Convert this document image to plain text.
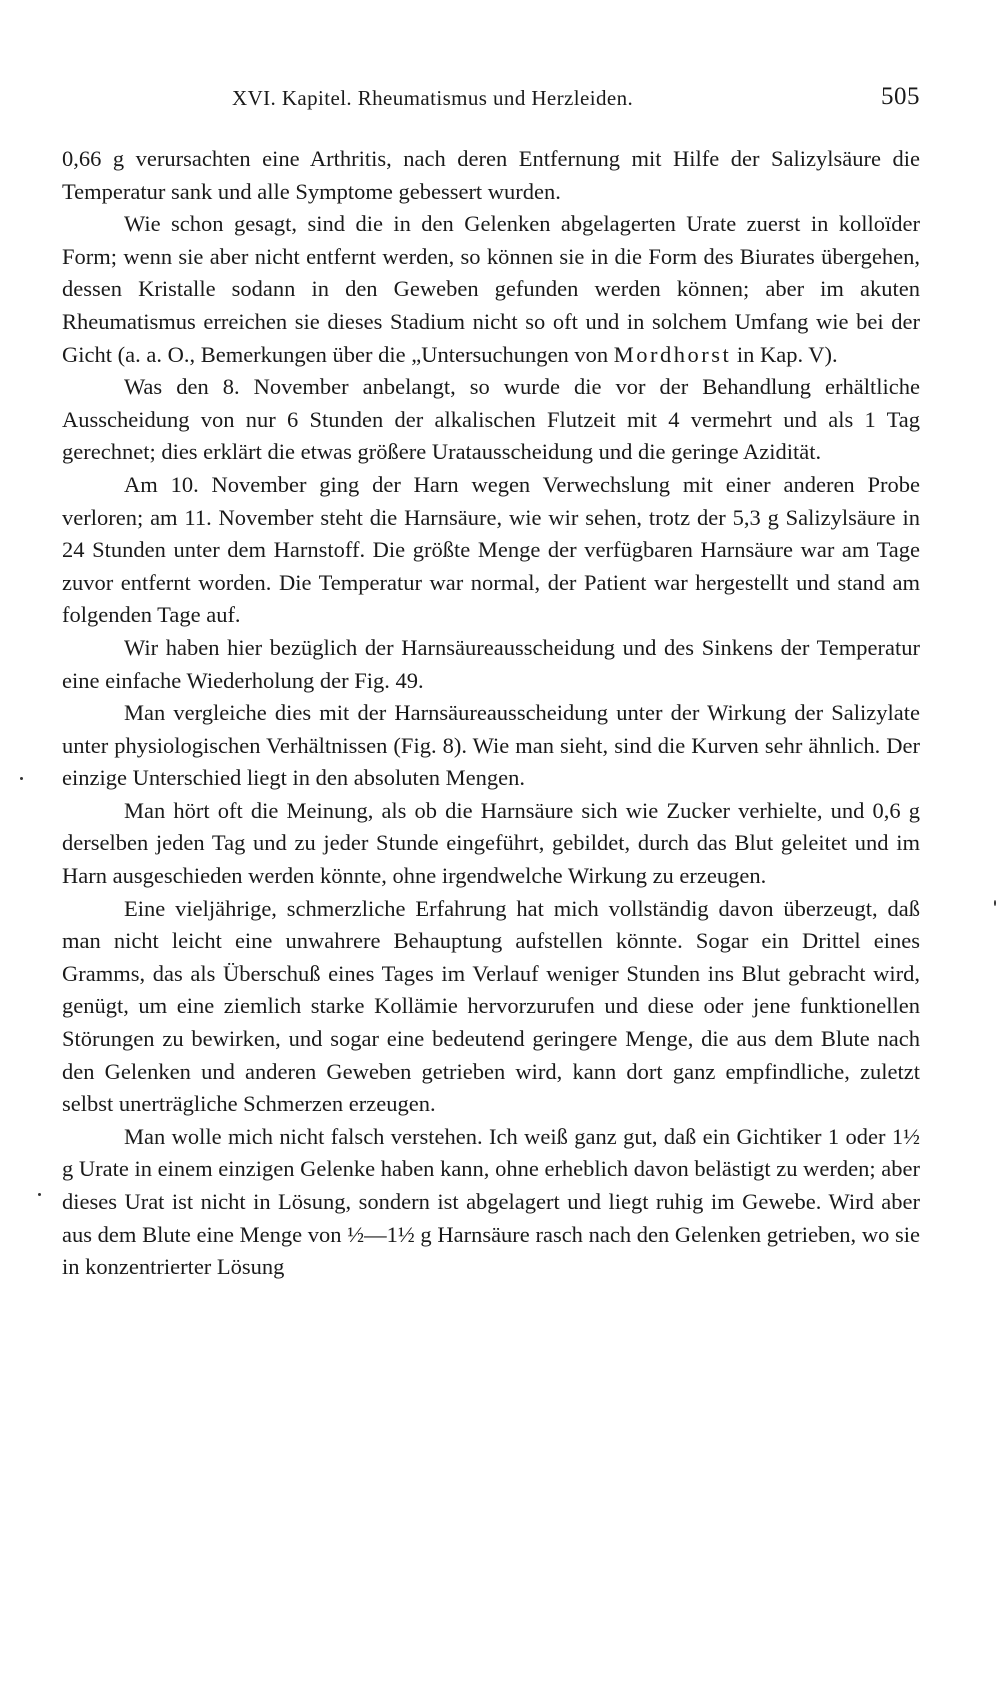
XVI. Kapitel. Rheumatismus und Herzleiden.	505

0,66 g verursachten eine Arthritis, nach deren Entfernung mit Hilfe der Salizylsäure die Temperatur sank und alle Symptome gebessert wurden.

Wie schon gesagt, sind die in den Gelenken abgelagerten Urate zuerst in kolloïder Form; wenn sie aber nicht entfernt werden, so können sie in die Form des Biurates übergehen, dessen Kristalle sodann in den Geweben gefunden werden können; aber im akuten Rheumatismus erreichen sie dieses Stadium nicht so oft und in solchem Umfang wie bei der Gicht (a. a. O., Bemerkungen über die „Untersuchungen von Mordhorst in Kap. V).

Was den 8. November anbelangt, so wurde die vor der Behandlung erhältliche Ausscheidung von nur 6 Stunden der alkalischen Flutzeit mit 4 vermehrt und als 1 Tag gerechnet; dies erklärt die etwas größere Uratausscheidung und die geringe Azidität.

Am 10. November ging der Harn wegen Verwechslung mit einer anderen Probe verloren; am 11. November steht die Harnsäure, wie wir sehen, trotz der 5,3 g Salizylsäure in 24 Stunden unter dem Harnstoff. Die größte Menge der verfügbaren Harnsäure war am Tage zuvor entfernt worden. Die Temperatur war normal, der Patient war hergestellt und stand am folgenden Tage auf.

Wir haben hier bezüglich der Harnsäureausscheidung und des Sinkens der Temperatur eine einfache Wiederholung der Fig. 49.

Man vergleiche dies mit der Harnsäureausscheidung unter der Wirkung der Salizylate unter physiologischen Verhältnissen (Fig. 8). Wie man sieht, sind die Kurven sehr ähnlich. Der einzige Unterschied liegt in den absoluten Mengen.

Man hört oft die Meinung, als ob die Harnsäure sich wie Zucker verhielte, und 0,6 g derselben jeden Tag und zu jeder Stunde eingeführt, gebildet, durch das Blut geleitet und im Harn ausgeschieden werden könnte, ohne irgendwelche Wirkung zu erzeugen.

Eine vieljährige, schmerzliche Erfahrung hat mich vollständig davon überzeugt, daß man nicht leicht eine unwahrere Behauptung aufstellen könnte. Sogar ein Drittel eines Gramms, das als Überschuß eines Tages im Verlauf weniger Stunden ins Blut gebracht wird, genügt, um eine ziemlich starke Kollämie hervorzurufen und diese oder jene funktionellen Störungen zu bewirken, und sogar eine bedeutend geringere Menge, die aus dem Blute nach den Gelenken und anderen Geweben getrieben wird, kann dort ganz empfindliche, zuletzt selbst unerträgliche Schmerzen erzeugen.

Man wolle mich nicht falsch verstehen. Ich weiß ganz gut, daß ein Gichtiker 1 oder 1½ g Urate in einem einzigen Gelenke haben kann, ohne erheblich davon belästigt zu werden; aber dieses Urat ist nicht in Lösung, sondern ist abgelagert und liegt ruhig im Gewebe. Wird aber aus dem Blute eine Menge von ½—1½ g Harnsäure rasch nach den Gelenken getrieben, wo sie in konzentrierter Lösung
